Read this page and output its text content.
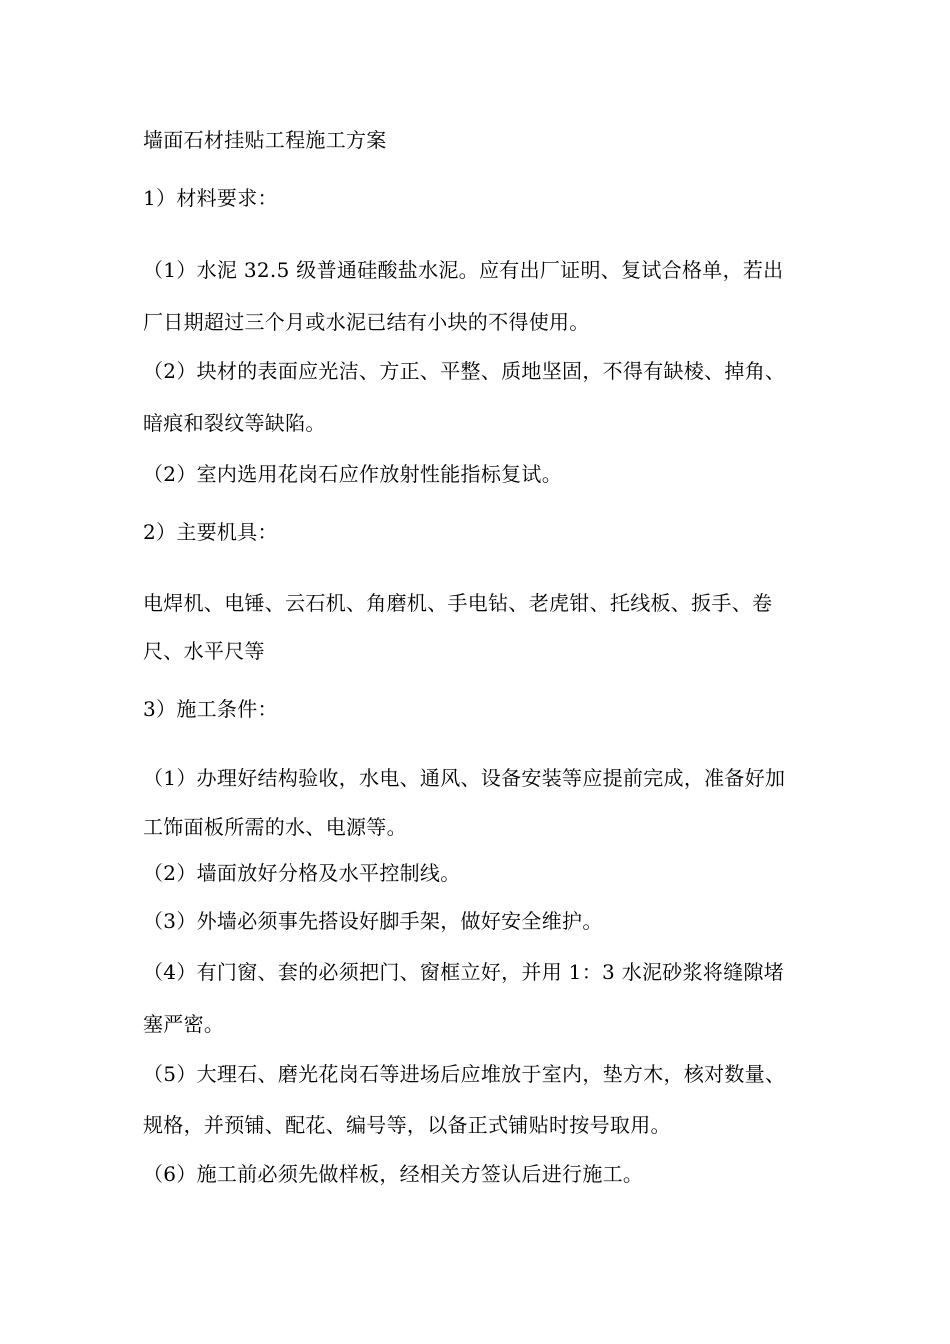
墙面石材挂贴工程施工方案

1）材料要求：

（1）水泥 32.5 级普通硅酸盐水泥。应有出厂证明、复试合格单，若出

厂日期超过三个月或水泥已结有小块的不得使用。

（2）块材的表面应光洁、方正、平整、质地坚固，不得有缺棱、掉角、

暗痕和裂纹等缺陷。

（2）室内选用花岗石应作放射性能指标复试。

2）主要机具：

电焊机、电锤、云石机、角磨机、手电钻、老虎钳、托线板、扳手、卷

尺、水平尺等

3）施工条件：

（1）办理好结构验收，水电、通风、设备安装等应提前完成，准备好加

工饰面板所需的水、电源等。

（2）墙面放好分格及水平控制线。

（3）外墙必须事先搭设好脚手架，做好安全维护。

（4）有门窗、套的必须把门、窗框立好，并用 1：3 水泥砂浆将缝隙堵

塞严密。

（5）大理石、磨光花岗石等进场后应堆放于室内，垫方木，核对数量、

规格，并预铺、配花、编号等，以备正式铺贴时按号取用。

（6）施工前必须先做样板，经相关方签认后进行施工。
